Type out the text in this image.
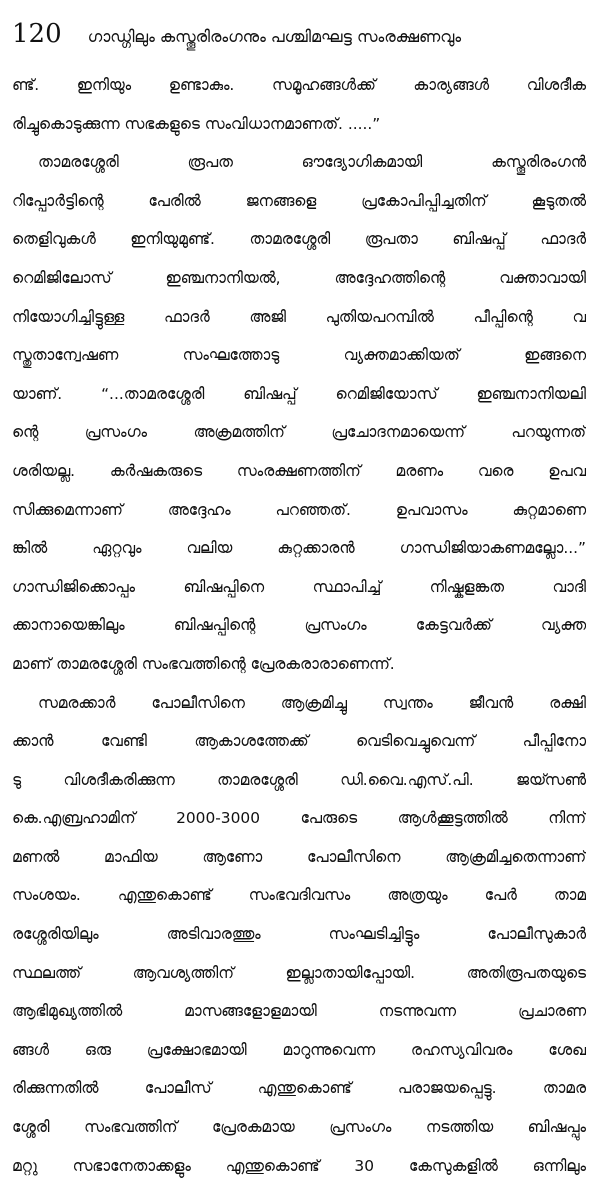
120 ഗാഡ്ഗിലും കസ്തൂരിരംഗനും പശ്ചിമഘട്ട സംരക്ഷണവും
ണ്ട്. ഇനിയും ഉണ്ടാകും. സമൂഹങ്ങൾക്ക് കാര്യങ്ങൾ വിശദീക
രിച്ചുകൊടുക്കുന്ന സഭകളുടെ സംവിധാനമാണത്. .....”
താമരശ്ശേരി രൂപത ഔദ്യോഗികമായി കസ്തൂരിരംഗൻ
റിപ്പോർട്ടിന്റെ പേരിൽ ജനങ്ങളെ പ്രകോപിപ്പിച്ചതിന് കൂടുതൽ
തെളിവുകൾ ഇനിയുമുണ്ട്. താമരശ്ശേരി രൂപതാ ബിഷപ്പ് ഫാദർ
റെമിജിലോസ് ഇഞ്ചനാനിയൽ, അദ്ദേഹത്തിന്റെ വക്താവായി
നിയോഗിച്ചിട്ടുള്ള ഫാദർ അജി പുതിയപറമ്പിൽ പീപ്പിന്റെ വ
സ്തുതാന്വേഷണ സംഘത്തോടു വ്യക്തമാക്കിയത് ഇങ്ങനെ
യാണ്. “...താമരശ്ശേരി ബിഷപ്പ് റെമിജിയോസ് ഇഞ്ചനാനിയലി
ന്റെ പ്രസംഗം അക്രമത്തിന് പ്രചോദനമായെന്ന് പറയുന്നത്
ശരിയല്ല. കർഷകരുടെ സംരക്ഷണത്തിന് മരണം വരെ ഉപവ
സിക്കുമെന്നാണ് അദ്ദേഹം പറഞ്ഞത്. ഉപവാസം കുറ്റമാണെ
ങ്കിൽ ഏറ്റവും വലിയ കുറ്റക്കാരൻ ഗാന്ധിജിയാകണമല്ലോ...”
ഗാന്ധിജിക്കൊപ്പം ബിഷപ്പിനെ സ്ഥാപിച്ച് നിഷ്കളങ്കത വാദി
ക്കാനായെങ്കിലും ബിഷപ്പിന്റെ പ്രസംഗം കേട്ടവർക്ക് വ്യക്ത
മാണ് താമരശ്ശേരി സംഭവത്തിന്റെ പ്രേരകരാരാണെന്ന്.
സമരക്കാർ പോലീസിനെ ആക്രമിച്ചു സ്വന്തം ജീവൻ രക്ഷി
ക്കാൻ വേണ്ടി ആകാശത്തേക്ക് വെടിവെച്ചുവെന്ന് പീപ്പിനോ
ടു വിശദീകരിക്കുന്ന താമരശ്ശേരി ഡി.വൈ.എസ്.പി. ജയ്സൺ
കെ.എബ്രഹാമിന് 2000-3000 പേരുടെ ആൾക്കൂട്ടത്തിൽ നിന്ന്
മണൽ മാഫിയ ആണോ പോലീസിനെ ആക്രമിച്ചതെന്നാണ്
സംശയം. എന്തുകൊണ്ട് സംഭവദിവസം അത്രയും പേർ താമ
രശ്ശേരിയിലും അടിവാരത്തും സംഘടിച്ചിട്ടും പോലീസുകാർ
സ്ഥലത്ത് ആവശ്യത്തിന് ഇല്ലാതായിപ്പോയി. അതിരൂപതയുടെ
ആഭിമുഖ്യത്തിൽ മാസങ്ങളോളമായി നടന്നുവന്ന പ്രചാരണ
ങ്ങൾ ഒരു പ്രക്ഷോഭമായി മാറുന്നുവെന്ന രഹസ്യവിവരം ശേഖ
രിക്കുന്നതിൽ പോലീസ് എന്തുകൊണ്ട് പരാജയപ്പെട്ടു. താമര
ശ്ശേരി സംഭവത്തിന് പ്രേരകമായ പ്രസംഗം നടത്തിയ ബിഷപ്പും
മറ്റു സഭാനേതാക്കളും എന്തുകൊണ്ട് 30 കേസുകളിൽ ഒന്നിലും
